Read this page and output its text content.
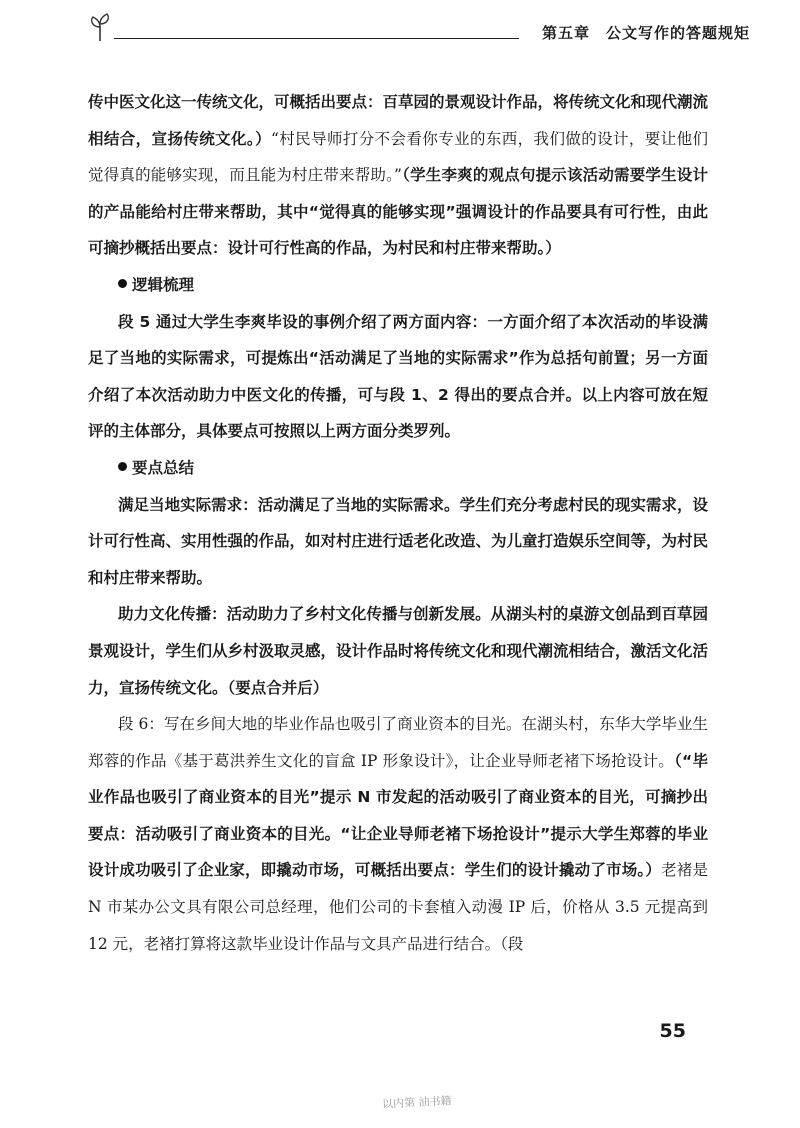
第五章　公文写作的答题规矩

传中医文化这一传统文化，可概括出要点：百草园的景观设计作品，将传统文化和现代潮流相结合，宣扬传统文化。）“村民导师打分不会看你专业的东西，我们做的设计，要让他们觉得真的能够实现，而且能为村庄带来帮助。”（学生李爽的观点句提示该活动需要学生设计的产品能给村庄带来帮助，其中“觉得真的能够实现”强调设计的作品要具有可行性，由此可摘抄概括出要点：设计可行性高的作品，为村民和村庄带来帮助。）

逻辑梳理

段 5 通过大学生李爽毕设的事例介绍了两方面内容：一方面介绍了本次活动的毕设满足了当地的实际需求，可提炼出“活动满足了当地的实际需求”作为总括句前置；另一方面介绍了本次活动助力中医文化的传播，可与段 1、2 得出的要点合并。以上内容可放在短评的主体部分，具体要点可按照以上两方面分类罗列。

要点总结

满足当地实际需求：活动满足了当地的实际需求。学生们充分考虑村民的现实需求，设计可行性高、实用性强的作品，如对村庄进行适老化改造、为儿童打造娱乐空间等，为村民和村庄带来帮助。

助力文化传播：活动助力了乡村文化传播与创新发展。从湖头村的桌游文创品到百草园景观设计，学生们从乡村汲取灵感，设计作品时将传统文化和现代潮流相结合，激活文化活力，宣扬传统文化。（要点合并后）

段 6：写在乡间大地的毕业作品也吸引了商业资本的目光。在湖头村，东华大学毕业生郑蓉的作品《基于葛洪养生文化的盲盒 IP 形象设计》，让企业导师老褚下场抢设计。（“毕业作品也吸引了商业资本的目光”提示 N 市发起的活动吸引了商业资本的目光，可摘抄出要点：活动吸引了商业资本的目光。“让企业导师老褚下场抢设计”提示大学生郑蓉的毕业设计成功吸引了企业家，即撬动市场，可概括出要点：学生们的设计撬动了市场。）老褚是 N 市某办公文具有限公司总经理，他们公司的卡套植入动漫 IP 后，价格从 3.5 元提高到 12 元，老褚打算将这款毕业设计作品与文具产品进行结合。（段

55
以内第 油书籍
